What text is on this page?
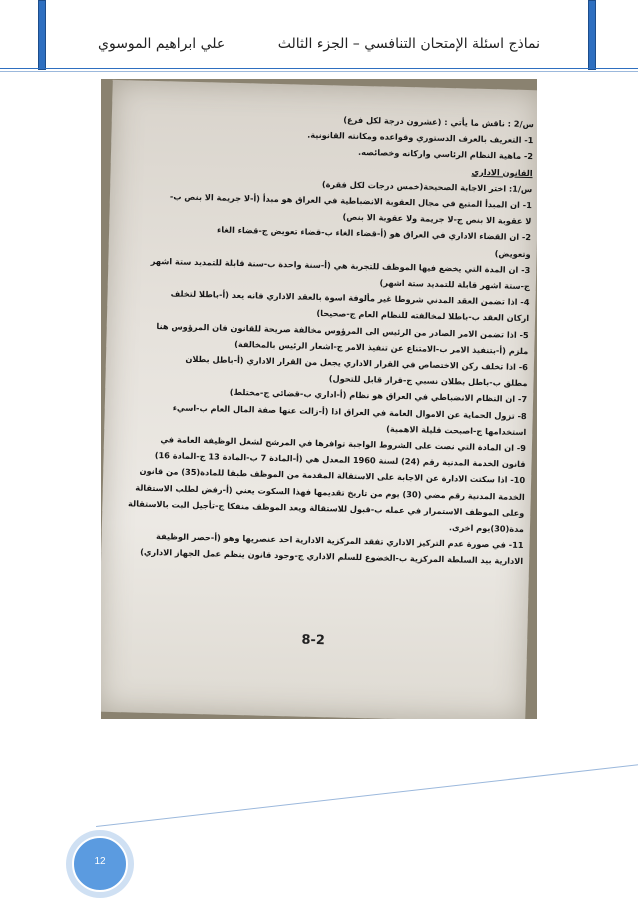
نماذج اسئلة الإمتحان التنافسي – الجزء الثالث
علي ابراهيم الموسوي
س/2 : ناقش ما يأتي : (عشرون درجة لكل فرع)
1- التعريف بالعرف الدستوري وقواعده ومكانته القانونية.
2- ماهية النظام الرئاسي واركانه وخصائصه.
القانون الاداري
س/1: اختر الاجابة الصحيحة(خمس درجات لكل فقرة)
1- ان المبدأ المتبع في مجال العقوبة الانضباطية في العراق هو مبدأ (أ-لا جريمة الا بنص ب-
لا عقوبة الا بنص ج-لا جريمة ولا عقوبة الا بنص)
2- ان القضاء الاداري في العراق هو (أ-قضاء الغاء ب-قضاء تعويض ج-قضاء الغاء
وتعويض)
3- ان المدة التي يخضع فيها الموظف للتجربة هي (أ-سنة واحدة ب-سنة قابلة للتمديد ستة اشهر
ج-ستة اشهر قابلة للتمديد ستة اشهر)
4- اذا تضمن العقد المدني شروطا غير مألوفة اسوة بالعقد الاداري فانه يعد (أ-باطلا لتخلف
اركان العقد ب-باطلا لمخالفته للنظام العام ج-صحيحا)
5- اذا تضمن الامر الصادر من الرئيس الى المرؤوس مخالفة صريحة للقانون فان المرؤوس هنا
ملزم (أ-بتنفيذ الامر ب-الامتناع عن تنفيذ الامر ج-اشعار الرئيس بالمخالفة)
6- اذا تخلف ركن الاختصاص في القرار الاداري يجعل من القرار الاداري (أ-باطل بطلان
مطلق ب-باطل بطلان نسبي ج-قرار قابل للتحول)
7- ان النظام الانضباطي في العراق هو نظام (أ-اداري ب-قضائي ج-مختلط)
8- تزول الحماية عن الاموال العامة في العراق اذا (أ-زالت عنها صفة المال العام ب-اسيء
استخدامها ج-اصبحت قليلة الاهمية)
9- ان المادة التي نصت على الشروط الواجبة توافرها في المرشح لشغل الوظيفة العامة في
قانون الخدمة المدنية رقم (24) لسنة 1960 المعدل هي (أ-المادة 7 ب-المادة 13 ج-المادة 16)
10- اذا سكتت الادارة عن الاجابة على الاستقالة المقدمة من الموظف طبقا للمادة(35) من قانون
الخدمة المدنية رقم مضي (30) يوم من تاريخ تقديمها فهذا السكوت يعني (أ-رفض لطلب الاستقالة
وعلى الموظف الاستمرار في عمله ب-قبول للاستقالة ويعد الموظف منفكا ج-تأجيل البت بالاستقالة
مدة(30)يوم اخرى.
11- في صورة عدم التركيز الاداري تفقد المركزية الادارية احد عنصريها وهو (أ-حصر الوظيفة
الادارية بيد السلطة المركزية ب-الخضوع للسلم الاداري ج-وجود قانون ينظم عمل الجهاز الاداري)
8-2
12
